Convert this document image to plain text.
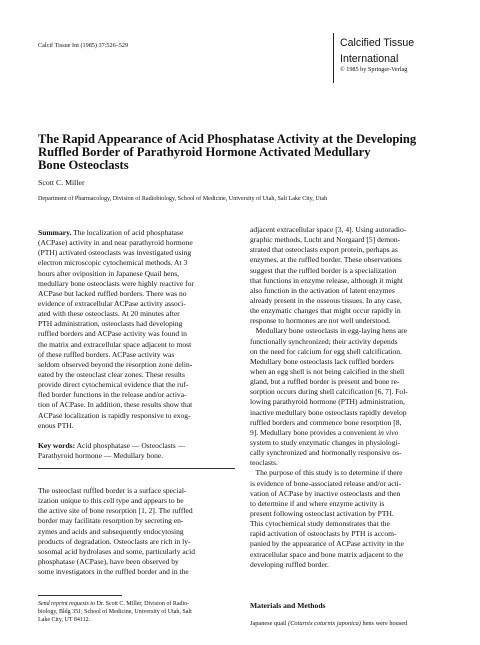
Calcif Tissue Int (1985) 37:526–529	Calcified Tissue
International
© 1985 by Springer-Verlag
The Rapid Appearance of Acid Phosphatase Activity at the Developing
Ruffled Border of Parathyroid Hormone Activated Medullary
Bone Osteoclasts
Scott C. Miller
Department of Pharmacology, Division of Radiobiology, School of Medicine, University of Utah, Salt Lake City, Utah
Summary. The localization of acid phosphatase
(ACPase) activity in and near parathyroid hormone
(PTH) activated osteoclasts was investigated using
electron microscopic cytochemical methods. At 3
hours after oviposition in Japanese Quail hens,
medullary bone osteoclasts were highly reactive for
ACPase but lacked ruffled borders. There was no
evidence of extracellular ACPase activity associ-
ated with these osteoclasts. At 20 minutes after
PTH administration, osteoclasts had developing
ruffled borders and ACPase activity was found in
the matrix and extracellular space adjacent to most
of these ruffled borders. ACPase activity was
seldom observed beyond the resorption zone delin-
eated by the osteoclast clear zones. These results
provide direct cytochemical evidence that the ruf-
fled border functions in the release and/or activa-
tion of ACPase. In addition, these results show that
ACPase localization is rapidly responsive to exog-
enous PTH.
Key words: Acid phosphatase — Osteoclasts —
Parathyroid hormone — Medullary bone.
The osteoclast ruffled border is a surface special-
ization unique to this cell type and appears to be
the active site of bone resorption [1, 2]. The ruffled
border may facilitate resorption by secreting en-
zymes and acids and subsequently endocytosing
products of degradation. Osteoclasts are rich in ly-
sosomal acid hydrolases and some, particularly acid
phosphatase (ACPase), have been observed by
some investigators in the ruffled border and in the
Send reprint requests to Dr. Scott C. Miller, Division of Radio-
biology, Bldg 351, School of Medicine, University of Utah, Salt
Lake City, UT 84112.
adjacent extracellular space [3, 4]. Using autoradio-
graphic methods, Lucht and Norgaard [5] demon-
strated that osteoclasts export protein, perhaps as
enzymes, at the ruffled border. These observations
suggest that the ruffled border is a specialization
that functions in enzyme release, although it might
also function in the activation of latent enzymes
already present in the osseous tissues. In any case,
the enzymatic changes that might occur rapidly in
response to hormones are not well understood.
Medullary bone osteoclasts in egg-laying hens are
functionally synchronized; their activity depends
on the need for calcium for egg shell calcification.
Medullary bone osteoclasts lack ruffled borders
when an egg shell is not being calcified in the shell
gland, but a ruffled border is present and bone re-
sorption occurs during shell calcification [6, 7]. Fol-
lowing parathyroid hormone (PTH) administration,
inactive medullary bone osteoclasts rapidly develop
ruffled borders and commence bone resorption [8,
9]. Medullary bone provides a convenient in vivo
system to study enzymatic changes in physiologi-
cally synchronized and hormonally responsive os-
teoclasts.
The purpose of this study is to determine if there
is evidence of bone-associated release and/or acti-
vation of ACPase by inactive osteoclasts and then
to determine if and where enzyme activity is
present following osteoclast activation by PTH.
This cytochemical study demonstrates that the
rapid activation of osteoclasts by PTH is accom-
panied by the appearance of ACPase activity in the
extracellular space and bone matrix adjacent to the
developing ruffled border.
Materials and Methods
Japanese quail (Coturnix coturnix japonica) hens were housed
